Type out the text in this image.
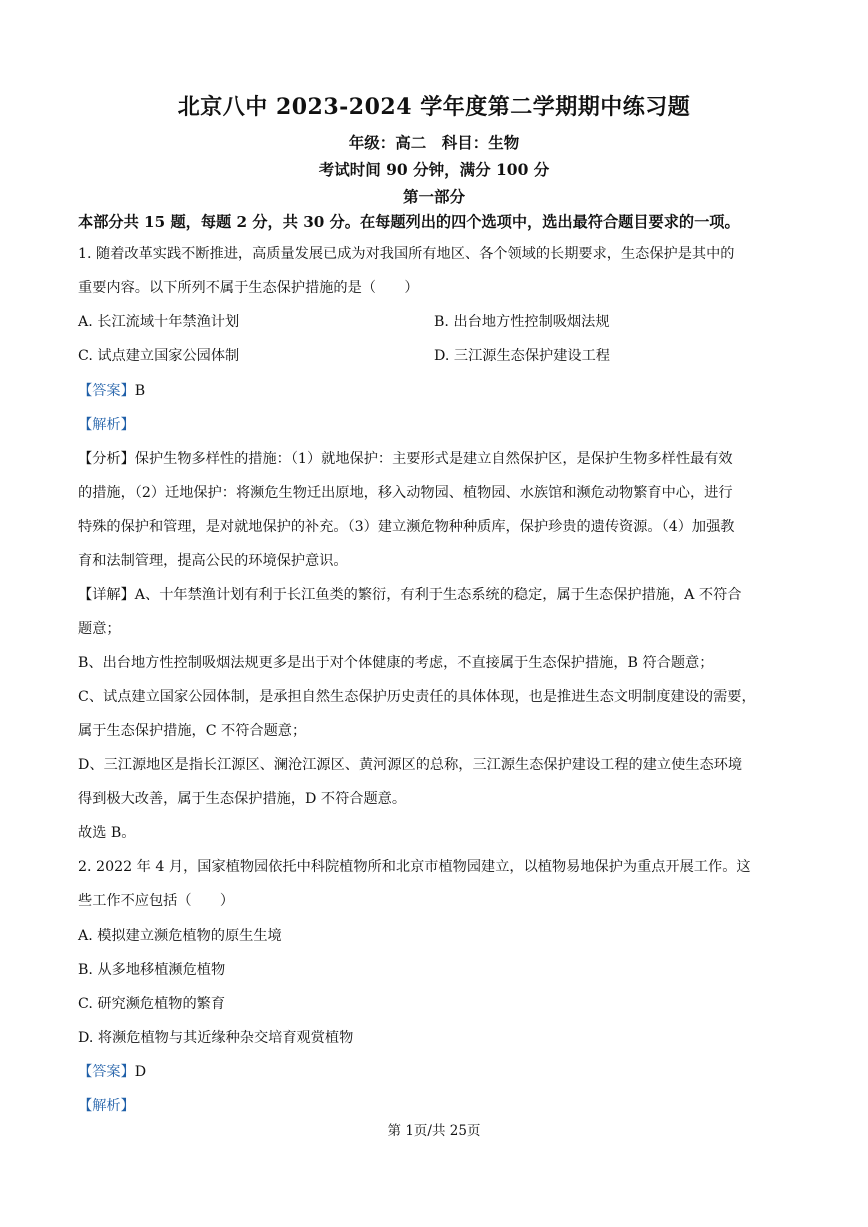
北京八中 2023-2024 学年度第二学期期中练习题
年级：高二　科目：生物
考试时间 90 分钟，满分 100 分
第一部分
本部分共 15 题，每题 2 分，共 30 分。在每题列出的四个选项中，选出最符合题目要求的一项。
1. 随着改革实践不断推进，高质量发展已成为对我国所有地区、各个领域的长期要求，生态保护是其中的
重要内容。以下所列不属于生态保护措施的是（　　）
A. 长江流域十年禁渔计划	B. 出台地方性控制吸烟法规
C. 试点建立国家公园体制	D. 三江源生态保护建设工程
【答案】B
【解析】
【分析】保护生物多样性的措施：（1）就地保护：主要形式是建立自然保护区，是保护生物多样性最有效
的措施，（2）迁地保护：将濒危生物迁出原地，移入动物园、植物园、水族馆和濒危动物繁育中心，进行
特殊的保护和管理，是对就地保护的补充。（3）建立濒危物种种质库，保护珍贵的遗传资源。（4）加强教
育和法制管理，提高公民的环境保护意识。
【详解】A、十年禁渔计划有利于长江鱼类的繁衍，有利于生态系统的稳定，属于生态保护措施，A 不符合
题意；
B、出台地方性控制吸烟法规更多是出于对个体健康的考虑，不直接属于生态保护措施，B 符合题意；
C、试点建立国家公园体制，是承担自然生态保护历史责任的具体体现，也是推进生态文明制度建设的需要，
属于生态保护措施，C 不符合题意；
D、三江源地区是指长江源区、澜沧江源区、黄河源区的总称，三江源生态保护建设工程的建立使生态环境
得到极大改善，属于生态保护措施，D 不符合题意。
故选 B。
2. 2022 年 4 月，国家植物园依托中科院植物所和北京市植物园建立，以植物易地保护为重点开展工作。这
些工作不应包括（　　）
A. 模拟建立濒危植物的原生生境
B. 从多地移植濒危植物
C. 研究濒危植物的繁育
D. 将濒危植物与其近缘种杂交培育观赏植物
【答案】D
【解析】
第 1页/共 25页
